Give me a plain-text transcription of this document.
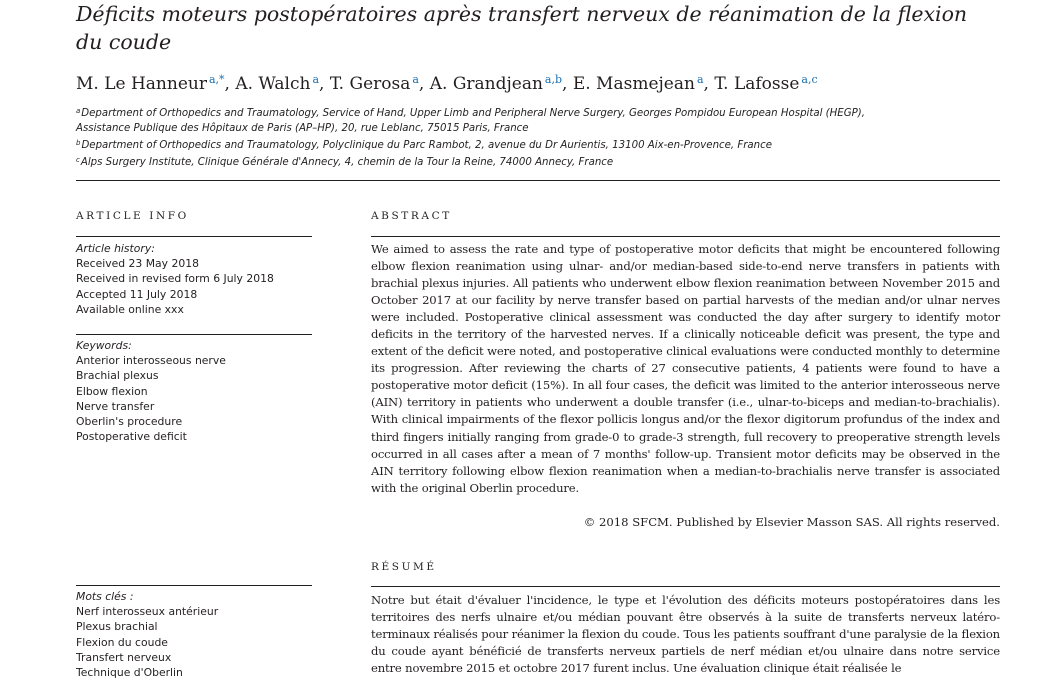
Déficits moteurs postopératoires après transfert nerveux de réanimation de la flexion du coude
M. Le Hanneur $^{a,*}$, A. Walch $^a$, T. Gerosa $^a$, A. Grandjean $^{a,b}$, E. Masmejean $^a$, T. Lafosse $^{a,c}$
$^a$Department of Orthopedics and Traumatology, Service of Hand, Upper Limb and Peripheral Nerve Surgery, Georges Pompidou European Hospital (HEGP),
Assistance Publique des Hôpitaux de Paris (AP–HP), 20, rue Leblanc, 75015 Paris, France
$^b$Department of Orthopedics and Traumatology, Polyclinique du Parc Rambot, 2, avenue du Dr Aurientis, 13100 Aix-en-Provence, France
$^c$Alps Surgery Institute, Clinique Générale d'Annecy, 4, chemin de la Tour la Reine, 74000 Annecy, France
ARTICLE INFO
Article history:
Received 23 May 2018
Received in revised form 6 July 2018
Accepted 11 July 2018
Available online xxx
Keywords:
Anterior interosseous nerve
Brachial plexus
Elbow flexion
Nerve transfer
Oberlin's procedure
Postoperative deficit
Mots clés :
Nerf interosseux antérieur
Plexus brachial
Flexion du coude
Transfert nerveux
Technique d'Oberlin
ABSTRACT
We aimed to assess the rate and type of postoperative motor deficits that might be encountered following elbow flexion reanimation using ulnar- and/or median-based side-to-end nerve transfers in patients with brachial plexus injuries. All patients who underwent elbow flexion reanimation between November 2015 and October 2017 at our facility by nerve transfer based on partial harvests of the median and/or ulnar nerves were included. Postoperative clinical assessment was conducted the day after surgery to identify motor deficits in the territory of the harvested nerves. If a clinically noticeable deficit was present, the type and extent of the deficit were noted, and postoperative clinical evaluations were conducted monthly to determine its progression. After reviewing the charts of 27 consecutive patients, 4 patients were found to have a postoperative motor deficit (15%). In all four cases, the deficit was limited to the anterior interosseous nerve (AIN) territory in patients who underwent a double transfer (i.e., ulnar-to-biceps and median-to-brachialis). With clinical impairments of the flexor pollicis longus and/or the flexor digitorum profundus of the index and third fingers initially ranging from grade-0 to grade-3 strength, full recovery to preoperative strength levels occurred in all cases after a mean of 7 months' follow-up. Transient motor deficits may be observed in the AIN territory following elbow flexion reanimation when a median-to-brachialis nerve transfer is associated with the original Oberlin procedure.
© 2018 SFCM. Published by Elsevier Masson SAS. All rights reserved.
RÉSUMÉ
Notre but était d'évaluer l'incidence, le type et l'évolution des déficits moteurs postopératoires dans les territoires des nerfs ulnaire et/ou médian pouvant être observés à la suite de transferts nerveux latéro-terminaux réalisés pour réanimer la flexion du coude. Tous les patients souffrant d'une paralysie de la flexion du coude ayant bénéficié de transferts nerveux partiels de nerf médian et/ou ulnaire dans notre service entre novembre 2015 et octobre 2017 furent inclus. Une évaluation clinique était réalisée le
